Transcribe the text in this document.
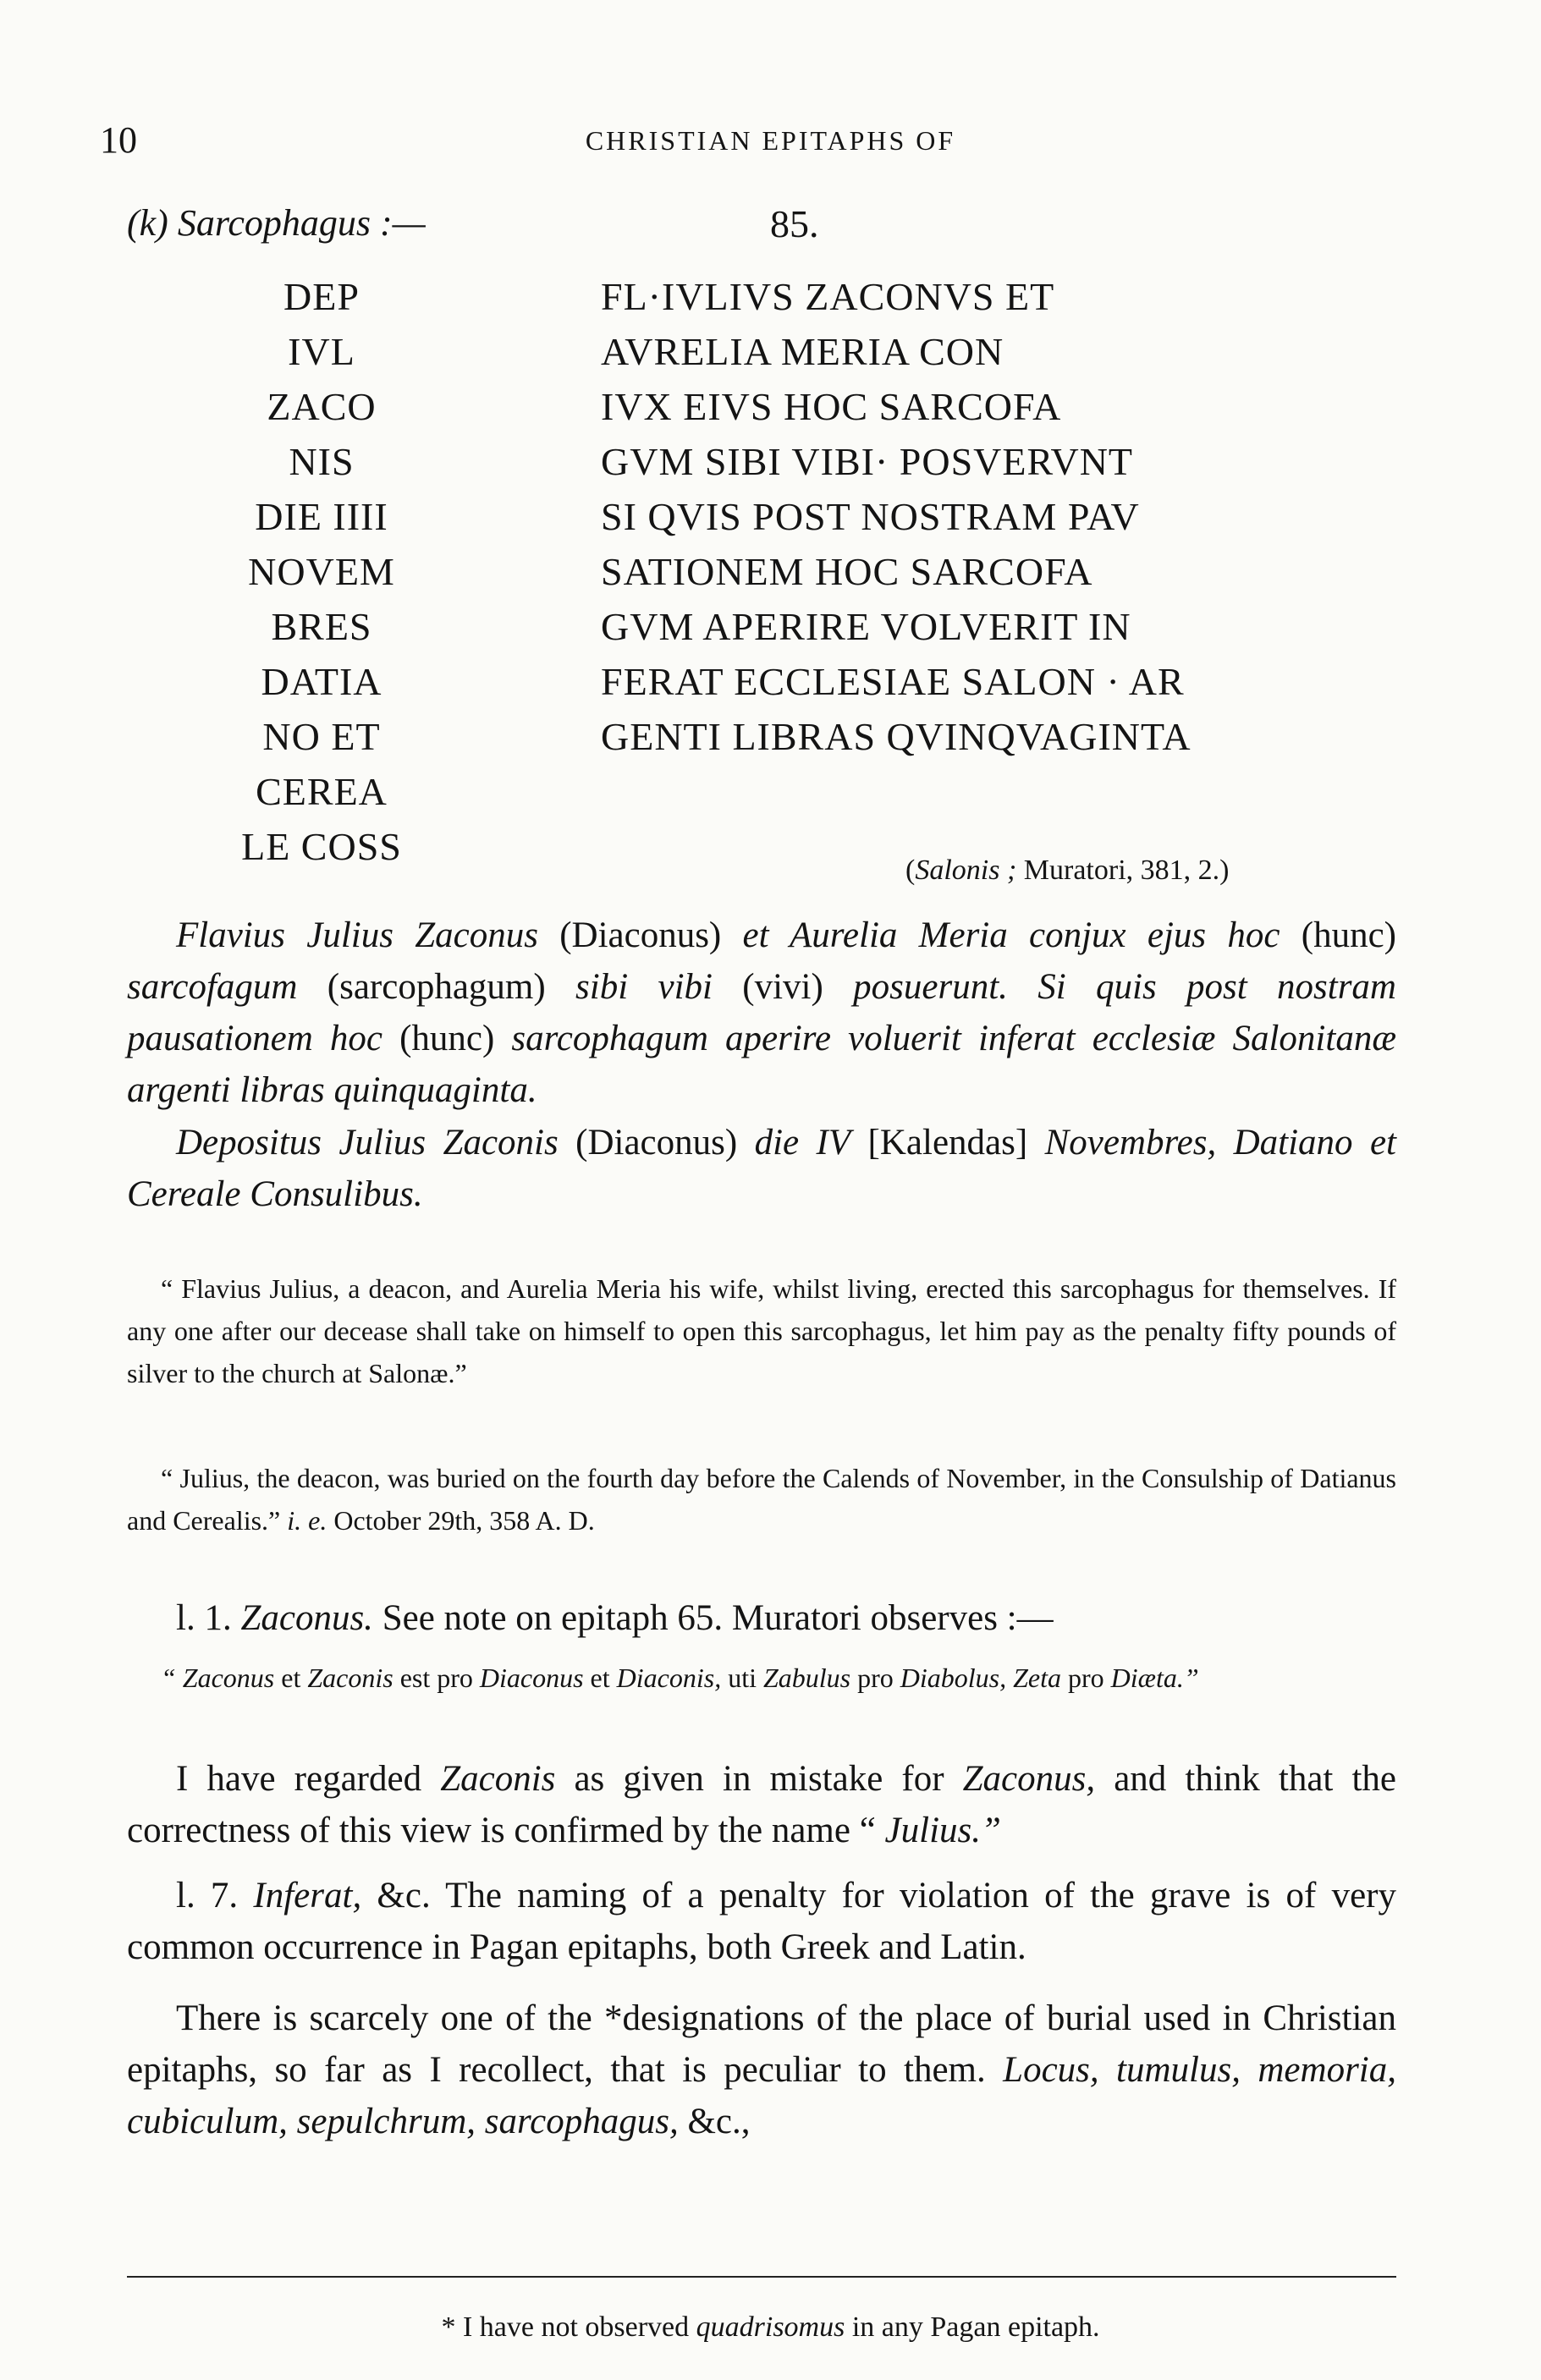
10	CHRISTIAN EPITAPHS OF
(k) Sarcophagus :—	85.
DEP
IVL
ZACO
NIS
DIE IIII
NOVEM
BRES
DATIA
NO ET
CEREA
LE COSS
FL·IVLIVS ZACONVS ET
AVRELIA MERIA CON
IVX EIVS HOC SARCOFA
GVM SIBI VIBI· POSVERVNT
SI QVIS POST NOSTRAM PAV
SATIONEM HOC SARCOFA
GVM APERIRE VOLVERIT IN
FERAT ECCLESIAE SALON · AR
GENTI LIBRAS QVINQVAGINTA
(Salonis ; Muratori, 381, 2.)
Flavius Julius Zaconus (Diaconus) et Aurelia Meria conjux ejus hoc (hunc) sarcofagum (sarcophagum) sibi vibi (vivi) posuerunt. Si quis post nostram pausationem hoc (hunc) sarcophagum aperire voluerit inferat ecclesiæ Salonitanæ argenti libras quinquaginta.
Depositus Julius Zaconis (Diaconus) die IV [Kalendas] Novembres, Datiano et Cereale Consulibus.
“ Flavius Julius, a deacon, and Aurelia Meria his wife, whilst living, erected this sarcophagus for themselves. If any one after our decease shall take on himself to open this sarcophagus, let him pay as the penalty fifty pounds of silver to the church at Salonæ.”
“ Julius, the deacon, was buried on the fourth day before the Calends of November, in the Consulship of Datianus and Cerealis.” i. e. October 29th, 358 A. D.
l. 1. Zaconus. See note on epitaph 65. Muratori observes :—
“ Zaconus et Zaconis est pro Diaconus et Diaconis, uti Zabulus pro Diabolus, Zeta pro Diæta.”
I have regarded Zaconis as given in mistake for Zaconus, and think that the correctness of this view is confirmed by the name “ Julius.”
l. 7. Inferat, &c. The naming of a penalty for violation of the grave is of very common occurrence in Pagan epitaphs, both Greek and Latin.
There is scarcely one of the *designations of the place of burial used in Christian epitaphs, so far as I recollect, that is peculiar to them. Locus, tumulus, memoria, cubiculum, sepulchrum, sarcophagus, &c.,
* I have not observed quadrisomus in any Pagan epitaph.
